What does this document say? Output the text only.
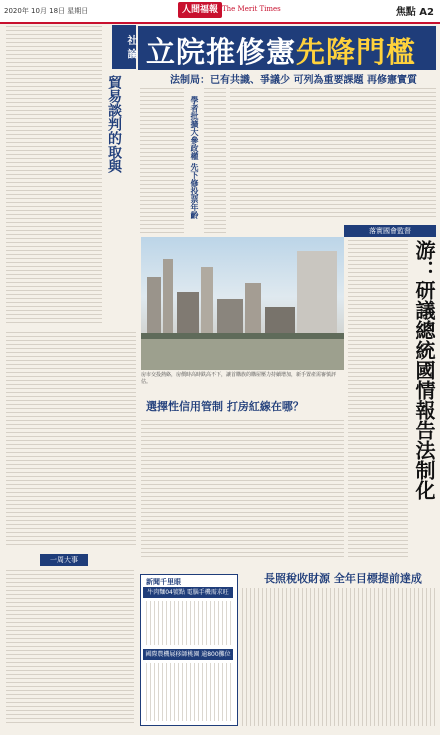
2020年 10月 18日 星期日	人間福報 The Merit Times	焦點 A2
社 論
貿易談判的取與
一周大事
立院推修憲先降門檻
法制局：已有共識、爭議少 可列為重要課題 再修憲實質
學者批擴大參政權 先下修投票年齡
房市交投熱絡，房價時高時跌高不下，讓首購族的購屋壓力持續增加，新手置產需審慎評估。
選擇性信用管制 打房紅線在哪？
落實國會監督
游：研議總統國情報告法制化
新聞千里眼
牛肉麵04號點 電腦手機需求旺
國際農機展移師桃園 逾800攤位
長照稅收財源 全年目標提前達成
